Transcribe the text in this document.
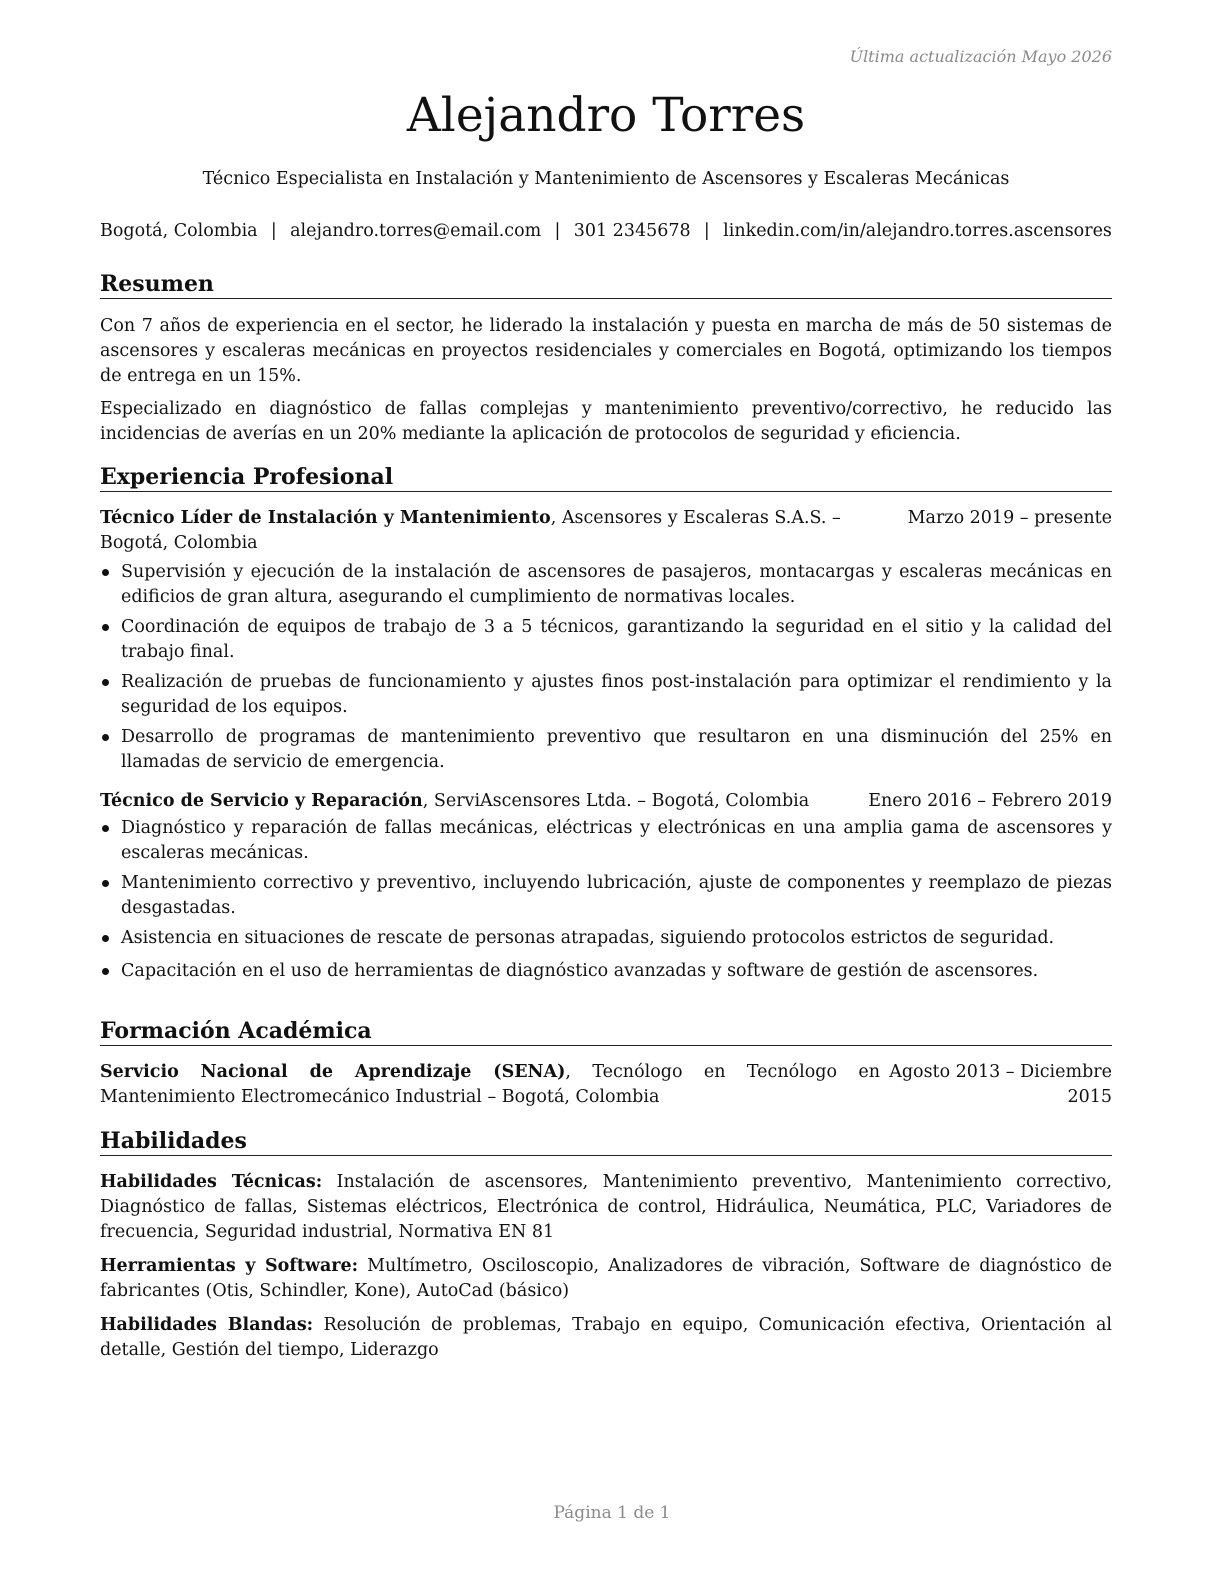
Última actualización Mayo 2026
Alejandro Torres
Técnico Especialista en Instalación y Mantenimiento de Ascensores y Escaleras Mecánicas
Bogotá, Colombia | alejandro.torres@email.com | 301 2345678 | linkedin.com/in/alejandro.torres.ascensores
Resumen

Con 7 años de experiencia en el sector, he liderado la instalación y puesta en marcha de más de 50 sistemas de ascensores y escaleras mecánicas en proyectos residenciales y comerciales en Bogotá, optimizando los tiempos de entrega en un 15%.

Especializado en diagnóstico de fallas complejas y mantenimiento preventivo/correctivo, he reducido las incidencias de averías en un 20% mediante la aplicación de protocolos de seguridad y eficiencia.

Experiencia Profesional
Técnico Líder de Instalación y Mantenimiento, Ascensores y Escaleras S.A.S. – Bogotá, Colombia
Marzo 2019 – presente
Supervisión y ejecución de la instalación de ascensores de pasajeros, montacargas y escaleras mecánicas en edificios de gran altura, asegurando el cumplimiento de normativas locales.
Coordinación de equipos de trabajo de 3 a 5 técnicos, garantizando la seguridad en el sitio y la calidad del trabajo final.
Realización de pruebas de funcionamiento y ajustes finos post-instalación para optimizar el rendimiento y la seguridad de los equipos.
Desarrollo de programas de mantenimiento preventivo que resultaron en una disminución del 25% en llamadas de servicio de emergencia.
Técnico de Servicio y Reparación, ServiAscensores Ltda. – Bogotá, Colombia	Enero 2016 – Febrero 2019
Diagnóstico y reparación de fallas mecánicas, eléctricas y electrónicas en una amplia gama de ascensores y escaleras mecánicas.
Mantenimiento correctivo y preventivo, incluyendo lubricación, ajuste de componentes y reemplazo de piezas desgastadas.
Asistencia en situaciones de rescate de personas atrapadas, siguiendo protocolos estrictos de seguridad.
Capacitación en el uso de herramientas de diagnóstico avanzadas y software de gestión de ascensores.
Formación Académica
Servicio Nacional de Aprendizaje (SENA), Tecnólogo en Tecnólogo en Mantenimiento Electromecánico Industrial – Bogotá, Colombia
Agosto 2013 – Diciembre 2015
Habilidades

Habilidades Técnicas: Instalación de ascensores, Mantenimiento preventivo, Mantenimiento correctivo, Diagnóstico de fallas, Sistemas eléctricos, Electrónica de control, Hidráulica, Neumática, PLC, Variadores de frecuencia, Seguridad industrial, Normativa EN 81

Herramientas y Software: Multímetro, Osciloscopio, Analizadores de vibración, Software de diagnóstico de fabricantes (Otis, Schindler, Kone), AutoCad (básico)

Habilidades Blandas: Resolución de problemas, Trabajo en equipo, Comunicación efectiva, Orientación al detalle, Gestión del tiempo, Liderazgo

Página 1 de 1
